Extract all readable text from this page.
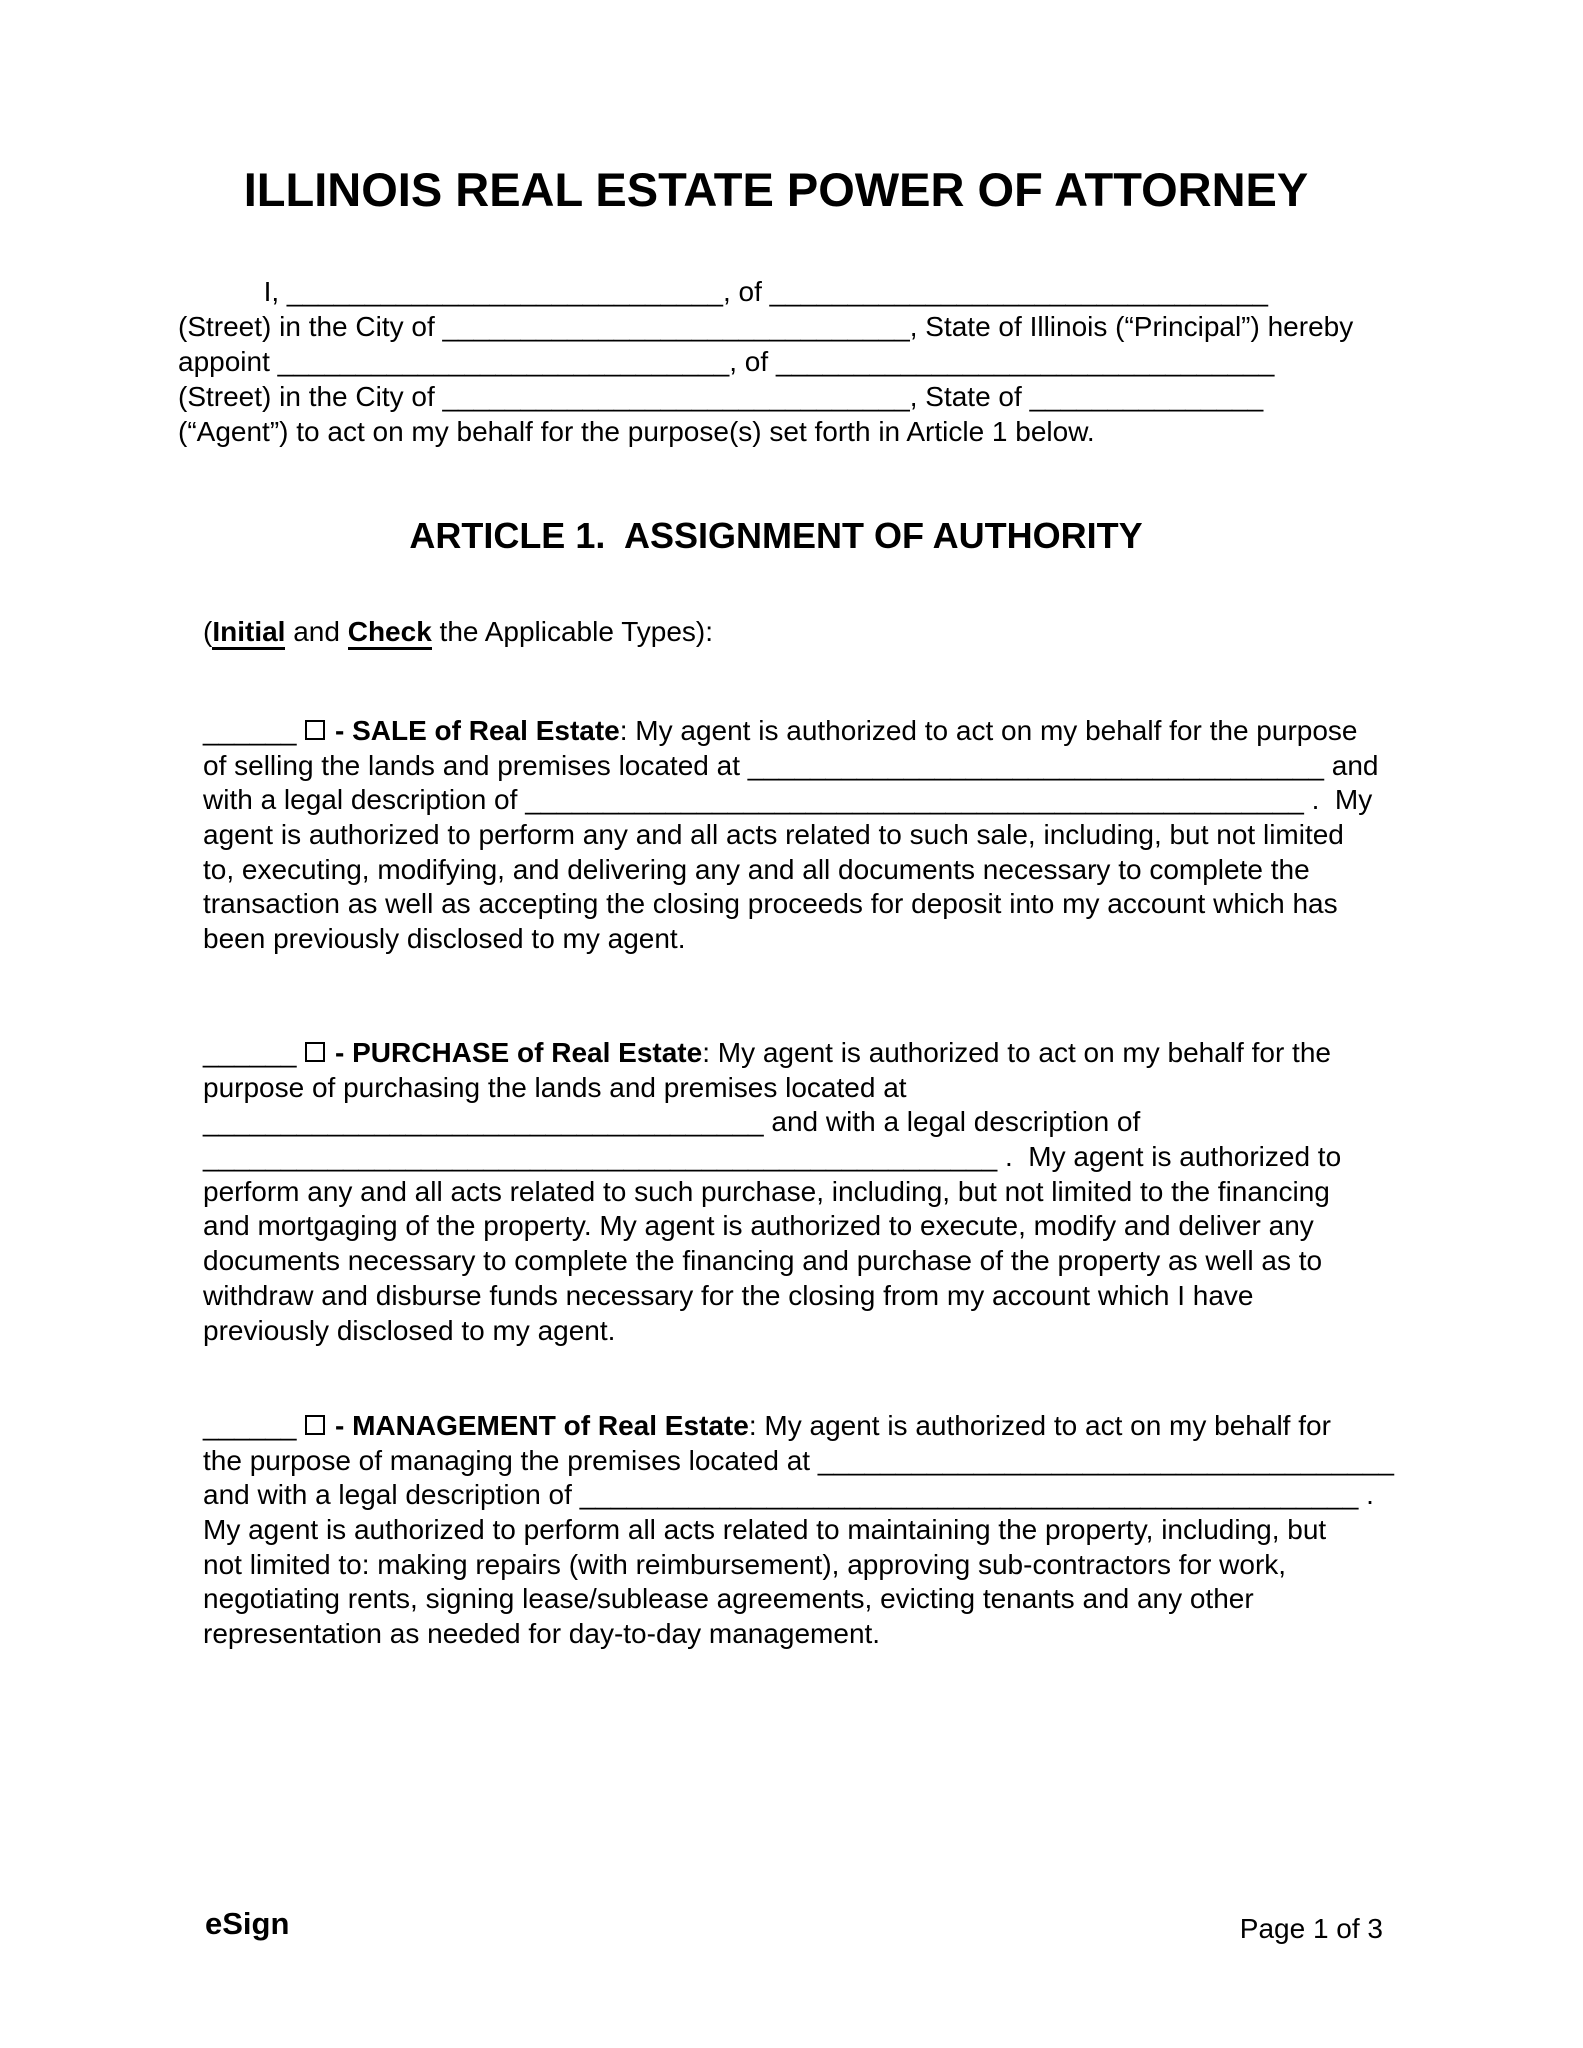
ILLINOIS REAL ESTATE POWER OF ATTORNEY
I, ____________________________, of ________________________________
(Street) in the City of ______________________________, State of Illinois (“Principal”) hereby
appoint _____________________________, of ________________________________
(Street) in the City of ______________________________, State of _______________
(“Agent”) to act on my behalf for the purpose(s) set forth in Article 1 below.
ARTICLE 1.  ASSIGNMENT OF AUTHORITY
(Initial and Check the Applicable Types):
______ - SALE of Real Estate: My agent is authorized to act on my behalf for the purpose
of selling the lands and premises located at _____________________________________ and
with a legal description of __________________________________________________ .  My
agent is authorized to perform any and all acts related to such sale, including, but not limited
to, executing, modifying, and delivering any and all documents necessary to complete the
transaction as well as accepting the closing proceeds for deposit into my account which has
been previously disclosed to my agent.
______ - PURCHASE of Real Estate: My agent is authorized to act on my behalf for the
purpose of purchasing the lands and premises located at
____________________________________ and with a legal description of
___________________________________________________ .  My agent is authorized to
perform any and all acts related to such purchase, including, but not limited to the financing
and mortgaging of the property. My agent is authorized to execute, modify and deliver any
documents necessary to complete the financing and purchase of the property as well as to
withdraw and disburse funds necessary for the closing from my account which I have
previously disclosed to my agent.
______ - MANAGEMENT of Real Estate: My agent is authorized to act on my behalf for
the purpose of managing the premises located at _____________________________________
and with a legal description of __________________________________________________ .
My agent is authorized to perform all acts related to maintaining the property, including, but
not limited to: making repairs (with reimbursement), approving sub-contractors for work,
negotiating rents, signing lease/sublease agreements, evicting tenants and any other
representation as needed for day-to-day management.
eSign	Page 1 of 3
